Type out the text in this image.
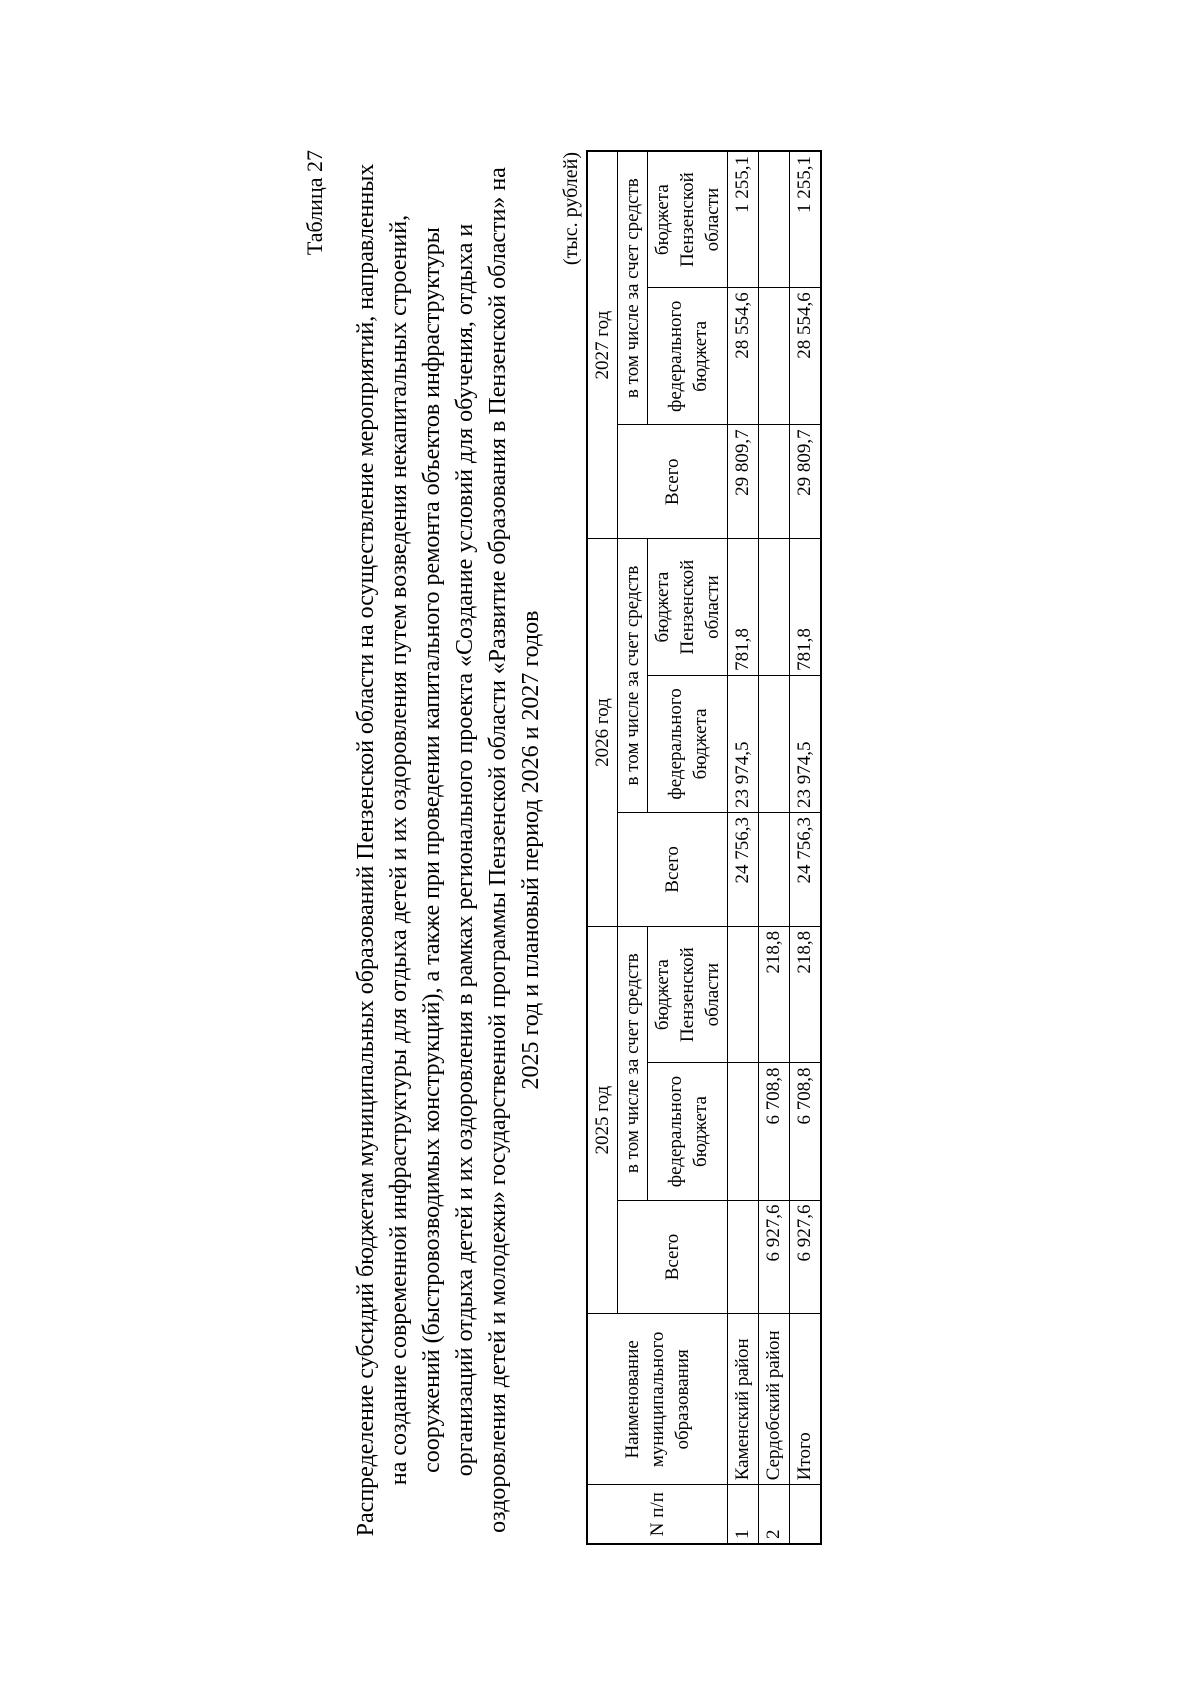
Таблица 27 Распределение субсидий бюджетам муниципальных образований Пензенской области на осуществление мероприятий, направленных на создание современной инфраструктуры для отдыха детей и их оздоровления путем возведения некапитальных строений, сооружений (быстровозводимых конструкций), а также при проведении капитального ремонта объектов инфраструктуры организаций отдыха детей и их оздоровления в рамках регионального проекта «Создание условий для обучения, отдыха и оздоровления детей и молодежи» государственной программы Пензенской области «Развитие образования в Пензенской области» на 2025 год и плановый период 2026 и 2027 годов
(тыс. рублей)
N п/п	Наименование муниципального образования	2025 год			2026 год			2027 год		
		Всего	в том числе за счет средств		Всего	в том числе за счет средств		Всего	в том числе за счет средств	
			федерального бюджета	бюджета Пензенской области		федерального бюджета	бюджета Пензенской области		федерального бюджета	бюджета Пензенской области
1	Каменский район				24 756,3	23 974,5	781,8	29 809,7	28 554,6	1 255,1
2	Сердобский район	6 927,6	6 708,8	218,8						
	Итого	6 927,6	6 708,8	218,8	24 756,3	23 974,5	781,8	29 809,7	28 554,6	1 255,1
